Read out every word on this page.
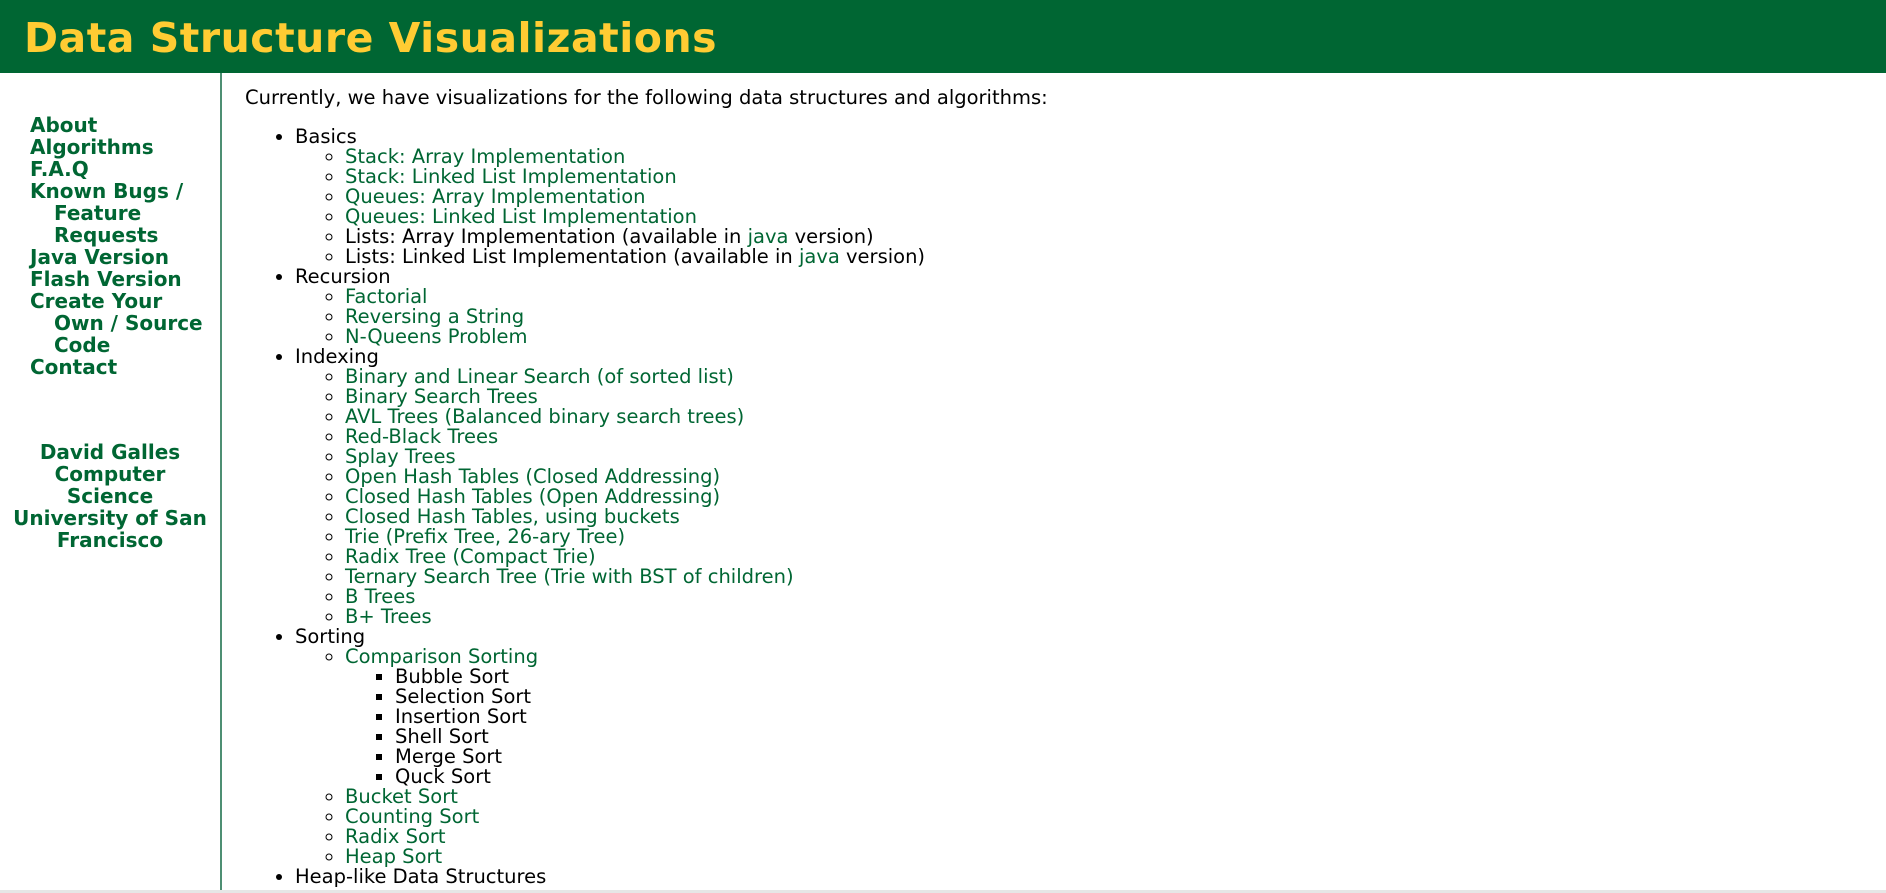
Data Structure Visualizations
About
Algorithms
F.A.Q
Known Bugs / Feature Requests
Java Version
Flash Version
Create Your Own / Source Code
Contact
David Galles
Computer Science
University of San Francisco

Currently, we have visualizations for the following data structures and algorithms:

• Basics
◦ Stack: Array Implementation
◦ Stack: Linked List Implementation
◦ Queues: Array Implementation
◦ Queues: Linked List Implementation
◦ Lists: Array Implementation (available in java version)
◦ Lists: Linked List Implementation (available in java version)
• Recursion
◦ Factorial
◦ Reversing a String
◦ N-Queens Problem
• Indexing
◦ Binary and Linear Search (of sorted list)
◦ Binary Search Trees
◦ AVL Trees (Balanced binary search trees)
◦ Red-Black Trees
◦ Splay Trees
◦ Open Hash Tables (Closed Addressing)
◦ Closed Hash Tables (Open Addressing)
◦ Closed Hash Tables, using buckets
◦ Trie (Prefix Tree, 26-ary Tree)
◦ Radix Tree (Compact Trie)
◦ Ternary Search Tree (Trie with BST of children)
◦ B Trees
◦ B+ Trees
• Sorting
◦ Comparison Sorting
▪ Bubble Sort
▪ Selection Sort
▪ Insertion Sort
▪ Shell Sort
▪ Merge Sort
▪ Quck Sort
◦ Bucket Sort
◦ Counting Sort
◦ Radix Sort
◦ Heap Sort
• Heap-like Data Structures
